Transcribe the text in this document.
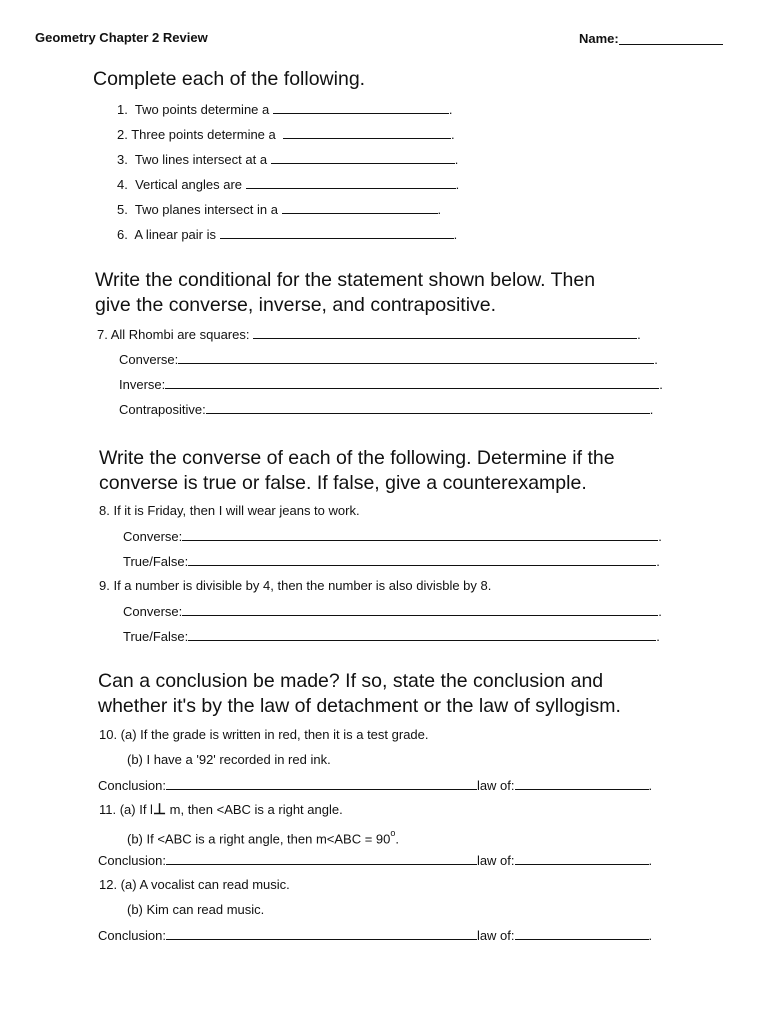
Geometry Chapter 2 Review	Name:
Complete each of the following.
1. Two points determine a	.
2. Three points determine a	.
3. Two lines intersect at a	.
4. Vertical angles are	.
5. Two planes intersect in a	.
6. A linear pair is	.
Write the conditional for the statement shown below. Then
give the converse, inverse, and contrapositive.
7. All Rhombi are squares:	.
Converse:	.
Inverse:	.
Contrapositive:	.
Write the converse of each of the following. Determine if the
converse is true or false. If false, give a counterexample.
8. If it is Friday, then I will wear jeans to work.
Converse:	.
True/False:	.
9. If a number is divisible by 4, then the number is also divisble by 8.
Converse:	.
True/False:	.
Can a conclusion be made? If so, state the conclusion and
whether it's by the law of detachment or the law of syllogism.
10. (a) If the grade is written in red, then it is a test grade.
(b) I have a '92' recorded in red ink.
Conclusion:	law of:	.
11. (a) If l⊥ m, then <ABC is a right angle.
(b) If <ABC is a right angle, then $m<ABC = 90^o$.
Conclusion:	law of:	.
12. (a) A vocalist can read music.
(b) Kim can read music.
Conclusion:	law of:	.
